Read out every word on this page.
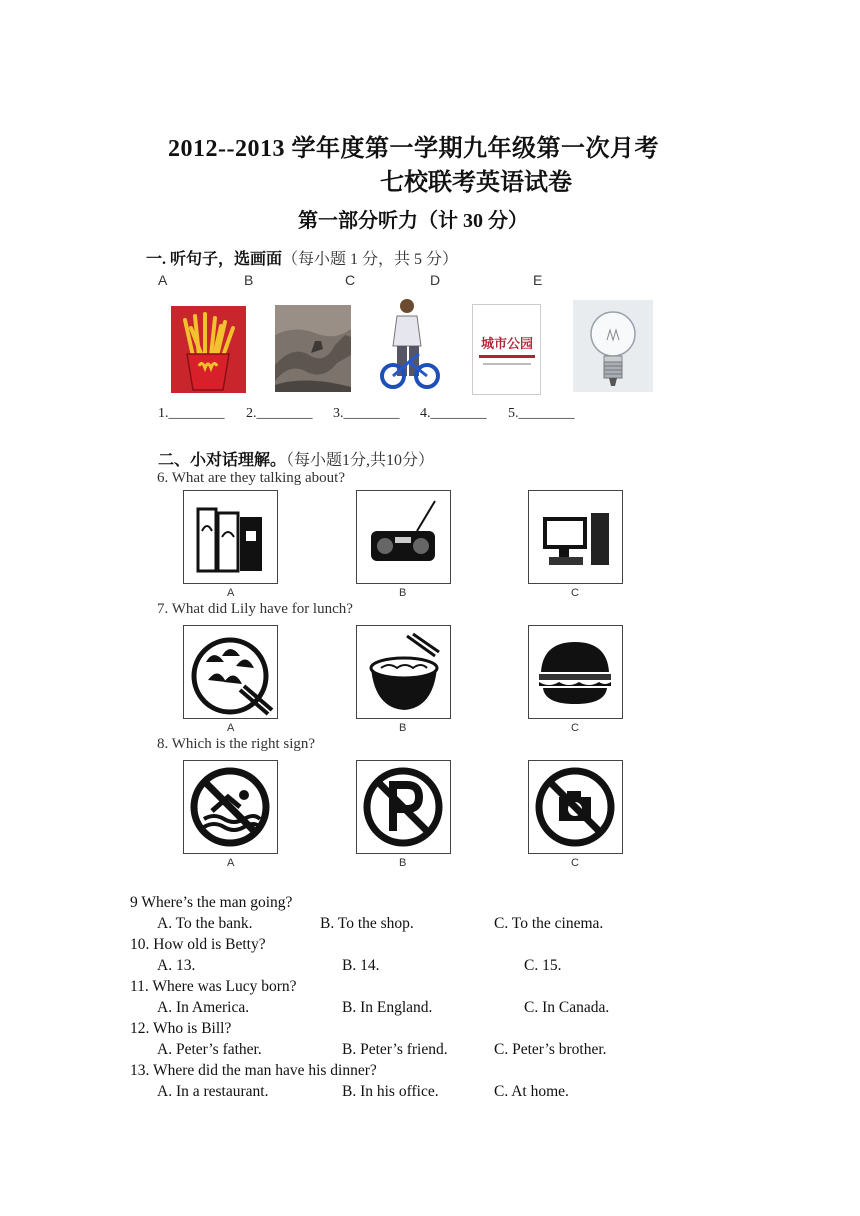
2012--2013 学年度第一学期九年级第一次月考
七校联考英语试卷
第一部分听力（计 30 分）
一. 听句子，选画面（每小题 1 分，共 5 分）
A	B	C	D	E
城市公园
1.________ 2.________ 3.________ 4.________ 5.________
二、小对话理解。（每小题1分,共10分）
6. What are they talking about?
A	B	C
7. What did Lily have for lunch?
A	B	C
8. Which is the right sign?
A	B	C
9 Where’s the man going?
A. To the bank.	B. To the shop.	C. To the cinema.
10. How old is Betty?
A. 13.	B. 14.	C. 15.
11. Where was Lucy born?
A. In America.	B. In England.	C. In Canada.
12. Who is Bill?
A. Peter’s father.	B. Peter’s friend.	C. Peter’s brother.
13. Where did the man have his dinner?
A. In a restaurant.	B. In his office.	C. At home.
